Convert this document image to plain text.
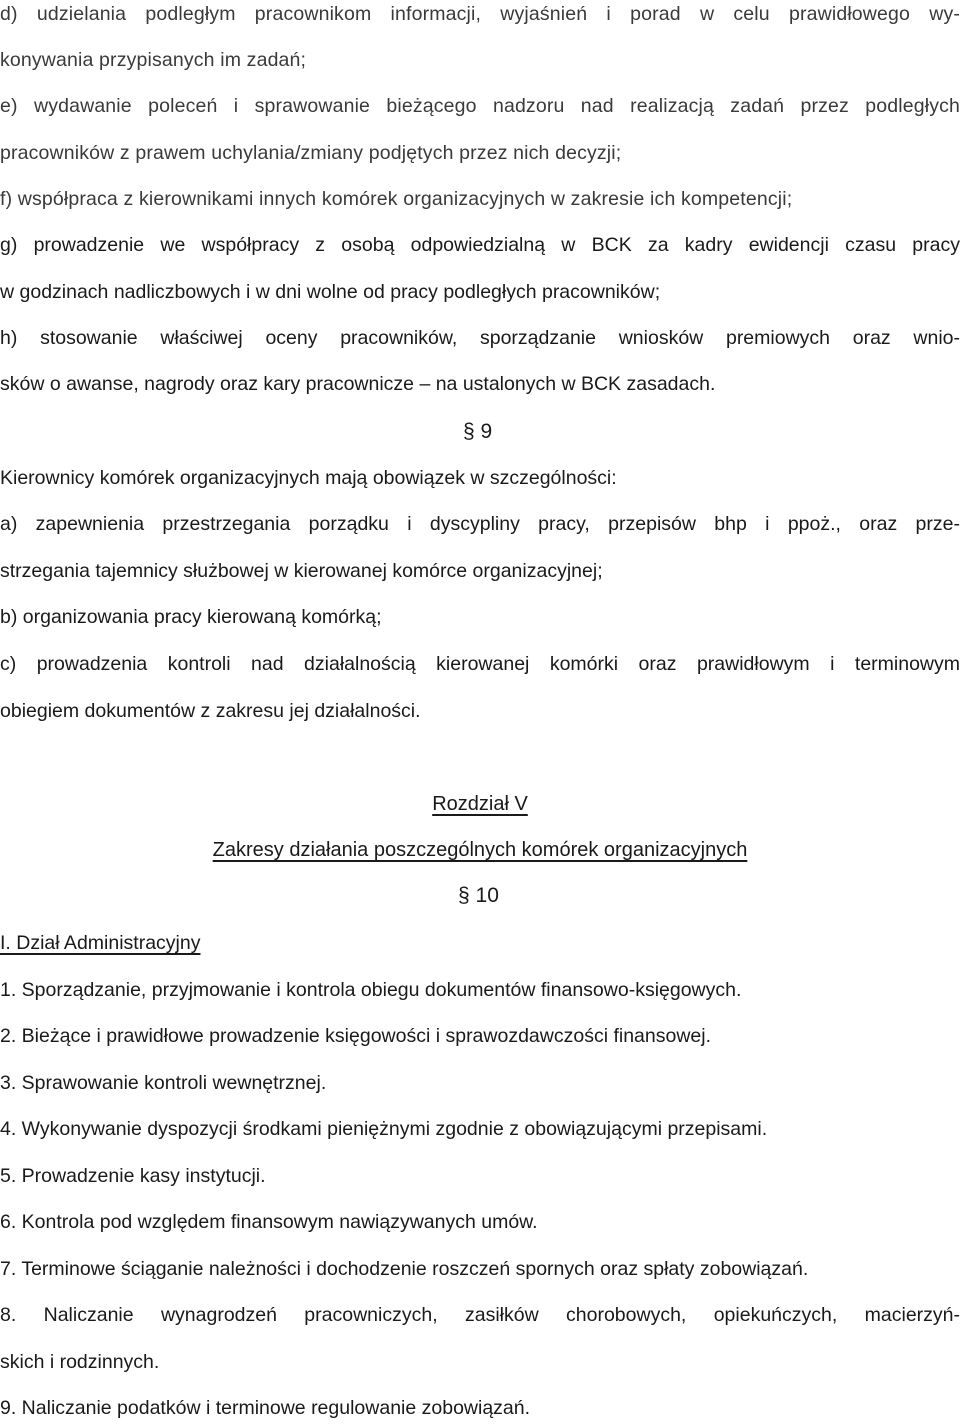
d) udzielania podległym pracownikom informacji, wyjaśnień i porad w celu prawidłowego wy-
konywania przypisanych im zadań;
e) wydawanie poleceń i sprawowanie bieżącego nadzoru nad realizacją zadań przez podległych
pracowników z prawem uchylania/zmiany podjętych przez nich decyzji;
f) współpraca z kierownikami innych komórek organizacyjnych w zakresie ich kompetencji;
g) prowadzenie we współpracy z osobą odpowiedzialną w BCK za kadry ewidencji czasu pracy
w godzinach nadliczbowych i w dni wolne od pracy podległych pracowników;
h) stosowanie właściwej oceny pracowników, sporządzanie wniosków premiowych oraz wnio-
sków o awanse, nagrody oraz kary pracownicze – na ustalonych w BCK zasadach.
§ 9
Kierownicy komórek organizacyjnych mają obowiązek w szczególności:
a) zapewnienia przestrzegania porządku i dyscypliny pracy, przepisów bhp i ppoż., oraz prze-
strzegania tajemnicy służbowej w kierowanej komórce organizacyjnej;
b) organizowania pracy kierowaną komórką;
c) prowadzenia kontroli nad działalnością kierowanej komórki oraz prawidłowym i terminowym
obiegiem dokumentów z zakresu jej działalności.
Rozdział V
Zakresy działania poszczególnych komórek organizacyjnych
§ 10
I. Dział Administracyjny
1. Sporządzanie, przyjmowanie i kontrola obiegu dokumentów finansowo-księgowych.
2. Bieżące i prawidłowe prowadzenie księgowości i sprawozdawczości finansowej.
3. Sprawowanie kontroli wewnętrznej.
4. Wykonywanie dyspozycji środkami pieniężnymi zgodnie z obowiązującymi przepisami.
5. Prowadzenie kasy instytucji.
6. Kontrola pod względem finansowym nawiązywanych umów.
7. Terminowe ściąganie należności i dochodzenie roszczeń spornych oraz spłaty zobowiązań.
8. Naliczanie wynagrodzeń pracowniczych, zasiłków chorobowych, opiekuńczych, macierzyń-
skich i rodzinnych.
9. Naliczanie podatków i terminowe regulowanie zobowiązań.
